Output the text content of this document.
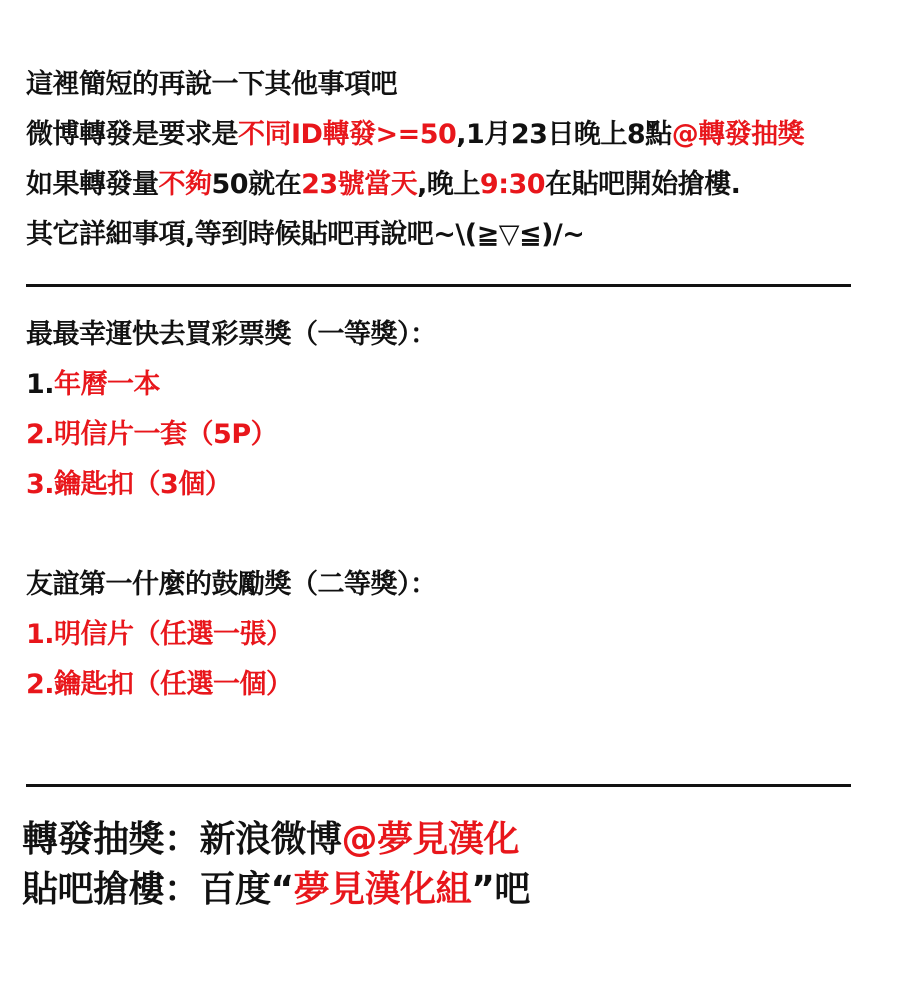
這裡簡短的再說一下其他事項吧
微博轉發是要求是不同ID轉發>=50,1月23日晚上8點@轉發抽獎
如果轉發量不夠50就在23號當天,晚上9:30在貼吧開始搶樓.
其它詳細事項,等到時候貼吧再說吧~\(≧▽≦)/~
最最幸運快去買彩票獎（一等獎）：
1.年曆一本
2.明信片一套（5P）
3.鑰匙扣（3個）
友誼第一什麼的鼓勵獎（二等獎）：
1.明信片（任選一張）
2.鑰匙扣（任選一個）
轉發抽獎：新浪微博@夢見漢化
貼吧搶樓：百度“夢見漢化組”吧
